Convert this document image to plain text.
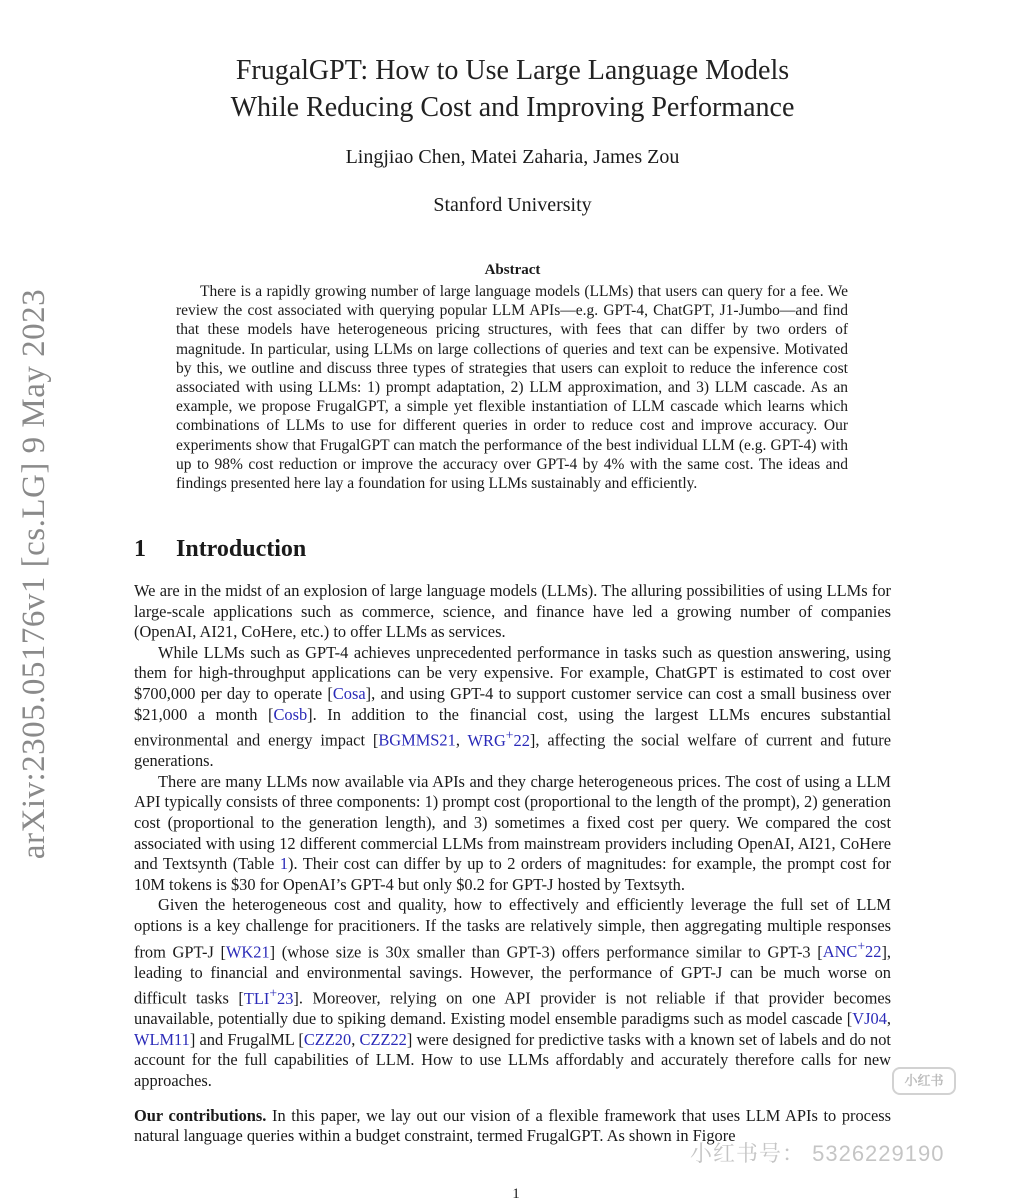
arXiv:2305.05176v1 [cs.LG] 9 May 2023
FrugalGPT: How to Use Large Language Models
While Reducing Cost and Improving Performance
Lingjiao Chen, Matei Zaharia, James Zou
Stanford University
Abstract
There is a rapidly growing number of large language models (LLMs) that users can query for a fee. We review the cost associated with querying popular LLM APIs—e.g. GPT-4, ChatGPT, J1-Jumbo—and find that these models have heterogeneous pricing structures, with fees that can differ by two orders of magnitude. In particular, using LLMs on large collections of queries and text can be expensive. Motivated by this, we outline and discuss three types of strategies that users can exploit to reduce the inference cost associated with using LLMs: 1) prompt adaptation, 2) LLM approximation, and 3) LLM cascade. As an example, we propose FrugalGPT, a simple yet flexible instantiation of LLM cascade which learns which combinations of LLMs to use for different queries in order to reduce cost and improve accuracy. Our experiments show that FrugalGPT can match the performance of the best individual LLM (e.g. GPT-4) with up to 98% cost reduction or improve the accuracy over GPT-4 by 4% with the same cost. The ideas and findings presented here lay a foundation for using LLMs sustainably and efficiently.
1 Introduction

We are in the midst of an explosion of large language models (LLMs). The alluring possibilities of using LLMs for large-scale applications such as commerce, science, and finance have led a growing number of companies (OpenAI, AI21, CoHere, etc.) to offer LLMs as services.

While LLMs such as GPT-4 achieves unprecedented performance in tasks such as question answering, using them for high-throughput applications can be very expensive. For example, ChatGPT is estimated to cost over $700,000 per day to operate [Cosa], and using GPT-4 to support customer service can cost a small business over $21,000 a month [Cosb]. In addition to the financial cost, using the largest LLMs encures substantial environmental and energy impact [BGMMS21, WRG+22], affecting the social welfare of current and future generations.

There are many LLMs now available via APIs and they charge heterogeneous prices. The cost of using a LLM API typically consists of three components: 1) prompt cost (proportional to the length of the prompt), 2) generation cost (proportional to the generation length), and 3) sometimes a fixed cost per query. We compared the cost associated with using 12 different commercial LLMs from mainstream providers including OpenAI, AI21, CoHere and Textsynth (Table 1). Their cost can differ by up to 2 orders of magnitudes: for example, the prompt cost for 10M tokens is $30 for OpenAI’s GPT-4 but only $0.2 for GPT-J hosted by Textsyth.

Given the heterogeneous cost and quality, how to effectively and efficiently leverage the full set of LLM options is a key challenge for pracitioners. If the tasks are relatively simple, then aggregating multiple responses from GPT-J [WK21] (whose size is 30x smaller than GPT-3) offers performance similar to GPT-3 [ANC+22], leading to financial and environmental savings. However, the performance of GPT-J can be much worse on difficult tasks [TLI+23]. Moreover, relying on one API provider is not reliable if that provider becomes unavailable, potentially due to spiking demand. Existing model ensemble paradigms such as model cascade [VJ04, WLM11] and FrugalML [CZZ20, CZZ22] were designed for predictive tasks with a known set of labels and do not account for the full capabilities of LLM. How to use LLMs affordably and accurately therefore calls for new approaches.

Our contributions. In this paper, we lay out our vision of a flexible framework that uses LLM APIs to process natural language queries within a budget constraint, termed FrugalGPT. As shown in Figore

小红书
小红书号： 5326229190
1
